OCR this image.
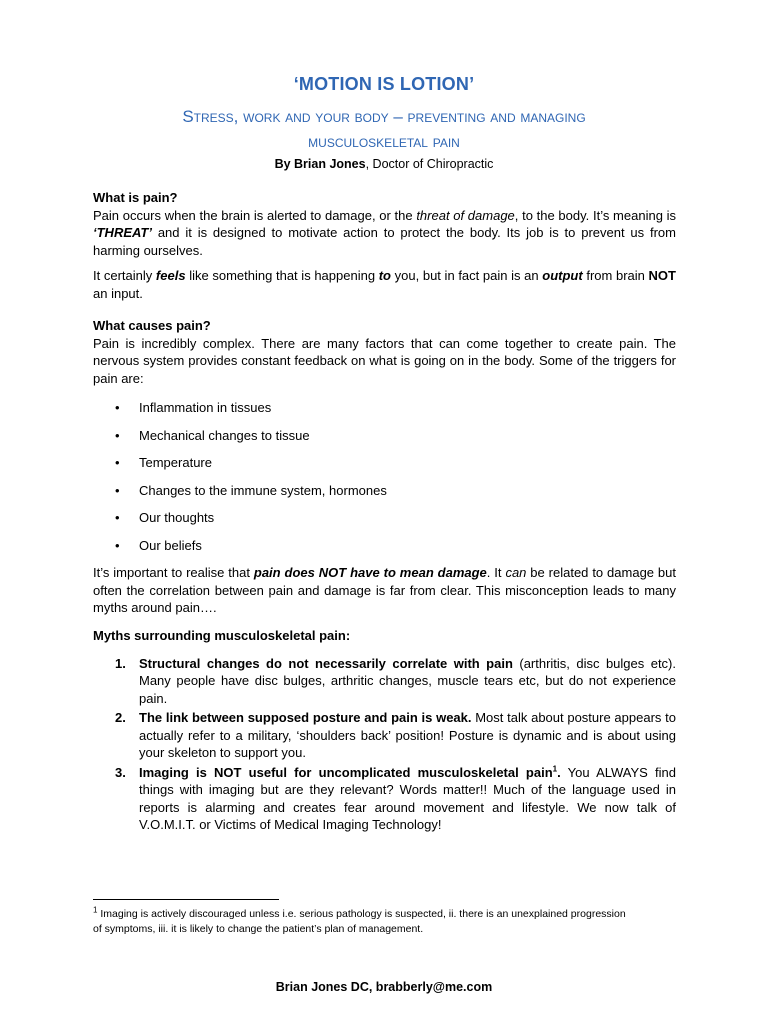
‘MOTION IS LOTION’
Stress, work and your body – preventing and managing
musculoskeletal pain
By Brian Jones, Doctor of Chiropractic
What is pain?
Pain occurs when the brain is alerted to damage, or the threat of damage, to the body. It’s meaning is ‘THREAT’ and it is designed to motivate action to protect the body. Its job is to prevent us from harming ourselves.
It certainly feels like something that is happening to you, but in fact pain is an output from brain NOT an input.
What causes pain?
Pain is incredibly complex. There are many factors that can come together to create pain. The nervous system provides constant feedback on what is going on in the body. Some of the triggers for pain are:
• Inflammation in tissues
• Mechanical changes to tissue
• Temperature
• Changes to the immune system, hormones
• Our thoughts
• Our beliefs
It’s important to realise that pain does NOT have to mean damage. It can be related to damage but often the correlation between pain and damage is far from clear. This misconception leads to many myths around pain….
Myths surrounding musculoskeletal pain:
1. Structural changes do not necessarily correlate with pain (arthritis, disc bulges etc). Many people have disc bulges, arthritic changes, muscle tears etc, but do not experience pain.
2. The link between supposed posture and pain is weak. Most talk about posture appears to actually refer to a military, ‘shoulders back’ position! Posture is dynamic and is about using your skeleton to support you.
3. Imaging is NOT useful for uncomplicated musculoskeletal pain$^1$. You ALWAYS find things with imaging but are they relevant? Words matter!! Much of the language used in reports is alarming and creates fear around movement and lifestyle. We now talk of V.O.M.I.T. or Victims of Medical Imaging Technology!
$^1$ Imaging is actively discouraged unless i.e. serious pathology is suspected, ii. there is an unexplained progression of symptoms, iii. it is likely to change the patient’s plan of management.
Brian Jones DC, brabberly@me.com
